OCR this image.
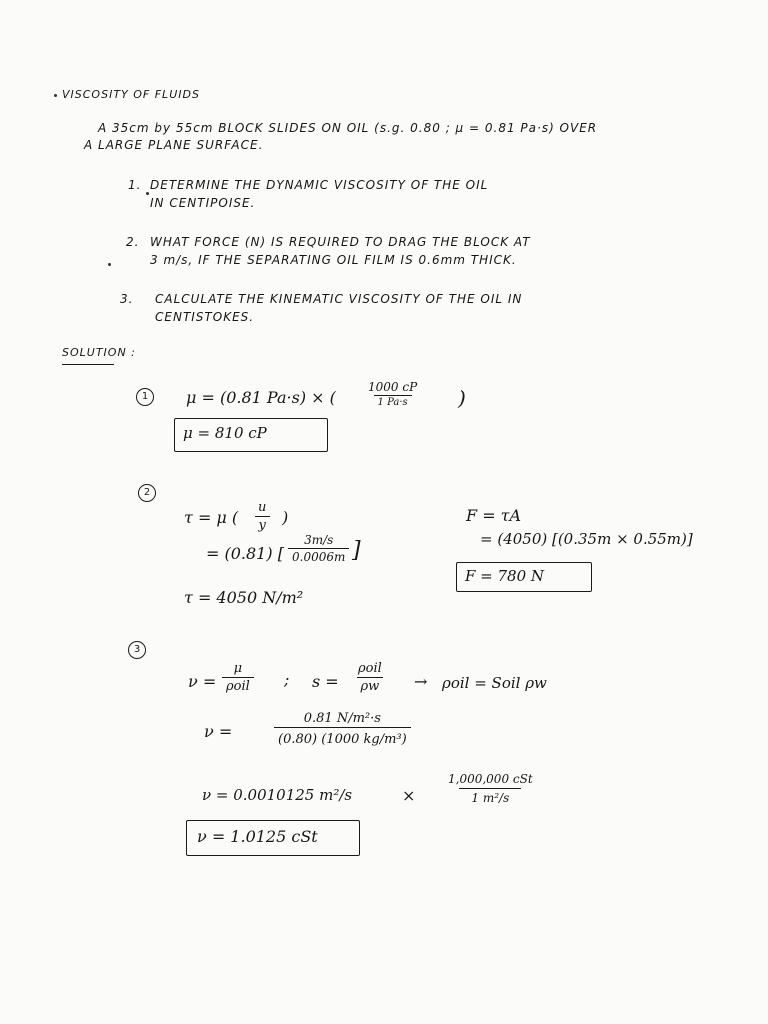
VISCOSITY OF FLUIDS
A 35cm by 55cm BLOCK SLIDES ON OIL (s.g. 0.80 ; μ = 0.81 Pa·s) OVER
A LARGE PLANE SURFACE.
1. DETERMINE THE DYNAMIC VISCOSITY OF THE OIL
IN CENTIPOISE.
2. WHAT FORCE (N) IS REQUIRED TO DRAG THE BLOCK AT
3 m/s, IF THE SEPARATING OIL FILM IS 0.6mm THICK.
3. CALCULATE THE KINEMATIC VISCOSITY OF THE OIL IN
CENTISTOKES.
SOLUTION :
1	μ = (0.81 Pa·s) × (
1000 cP
1 Pa·s	)
μ = 810 cP
2
τ = μ ( $\frac{u}{y}$ )
= (0.81) [ $\frac{3m/s}{0.0006m}$ ]
τ = 4050 N/m²
F = τA
= (4050) [(0.35m × 0.55m)]
F = 780 N
3
ν =
μ
ρoil ; s =
ρoil
ρw → ρoil = Soil ρw
ν =	$\frac{\text{0.81 N/m²·s}}{\text{(0.80) (1000 kg/m³)}}$
ν = 0.0010125 m²/s	×
1,000,000 cSt
1 m²/s
ν = 1.0125 cSt
